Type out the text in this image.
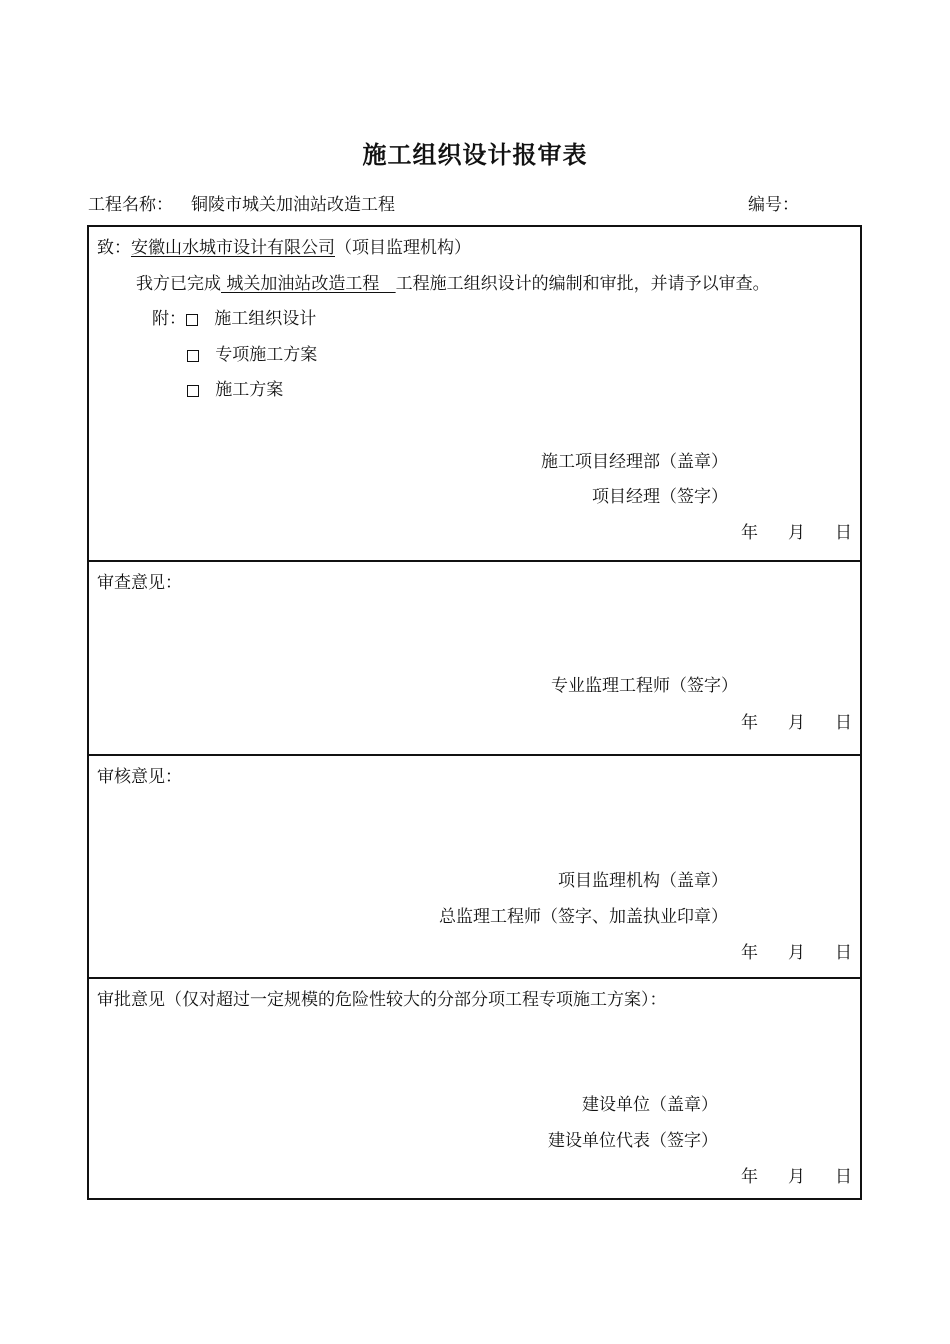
施工组织设计报审表
工程名称： 铜陵市城关加油站改造工程	编号：
致：安徽山水城市设计有限公司（项目监理机构）
我方已完成 城关加油站改造工程   工程施工组织设计的编制和审批，并请予以审查。
附： 施工组织设计
专项施工方案
施工方案
施工项目经理部（盖章）
项目经理（签字）
年 月 日
审查意见：
专业监理工程师（签字）
年 月 日
审核意见：
项目监理机构（盖章）
总监理工程师（签字、加盖执业印章）
年 月 日
审批意见（仅对超过一定规模的危险性较大的分部分项工程专项施工方案）：
建设单位（盖章）
建设单位代表（签字）
年 月 日
